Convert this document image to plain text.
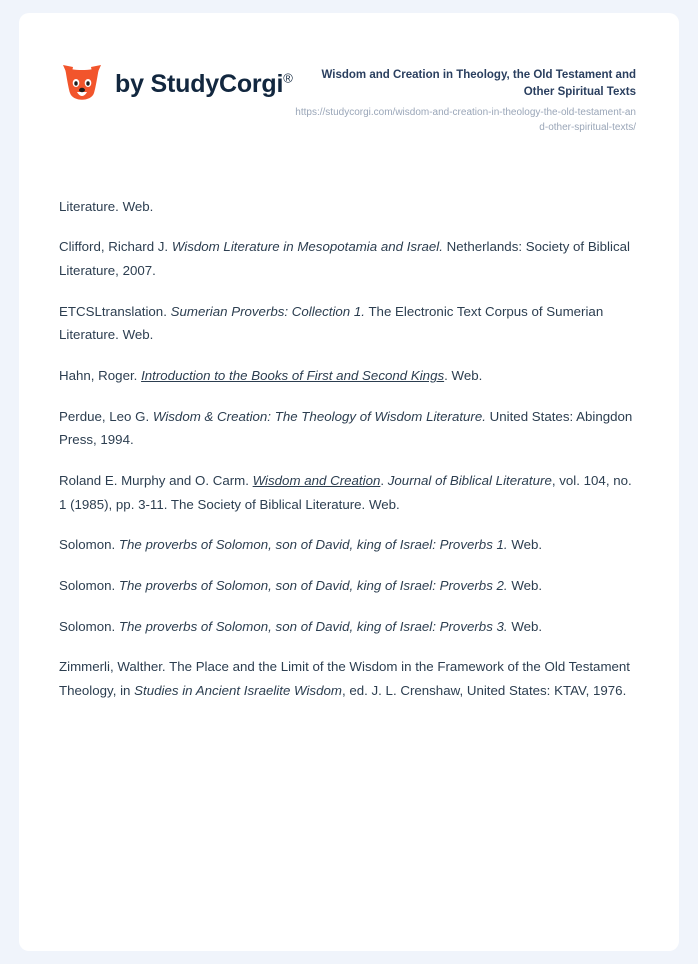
by StudyCorgi®	Wisdom and Creation in Theology, the Old Testament and Other Spiritual Texts
https://studycorgi.com/wisdom-and-creation-in-theology-the-old-testament-and-other-spiritual-texts/

Literature. Web.

Clifford, Richard J. Wisdom Literature in Mesopotamia and Israel. Netherlands: Society of Biblical Literature, 2007.

ETCSLtranslation. Sumerian Proverbs: Collection 1. The Electronic Text Corpus of Sumerian Literature. Web.

Hahn, Roger. Introduction to the Books of First and Second Kings. Web.

Perdue, Leo G. Wisdom & Creation: The Theology of Wisdom Literature. United States: Abingdon Press, 1994.

Roland E. Murphy and O. Carm. Wisdom and Creation. Journal of Biblical Literature, vol. 104, no. 1 (1985), pp. 3-11. The Society of Biblical Literature. Web.

Solomon. The proverbs of Solomon, son of David, king of Israel: Proverbs 1. Web.

Solomon. The proverbs of Solomon, son of David, king of Israel: Proverbs 2. Web.

Solomon. The proverbs of Solomon, son of David, king of Israel: Proverbs 3. Web.

Zimmerli, Walther. The Place and the Limit of the Wisdom in the Framework of the Old Testament Theology, in Studies in Ancient Israelite Wisdom, ed. J. L. Crenshaw, United States: KTAV, 1976.
